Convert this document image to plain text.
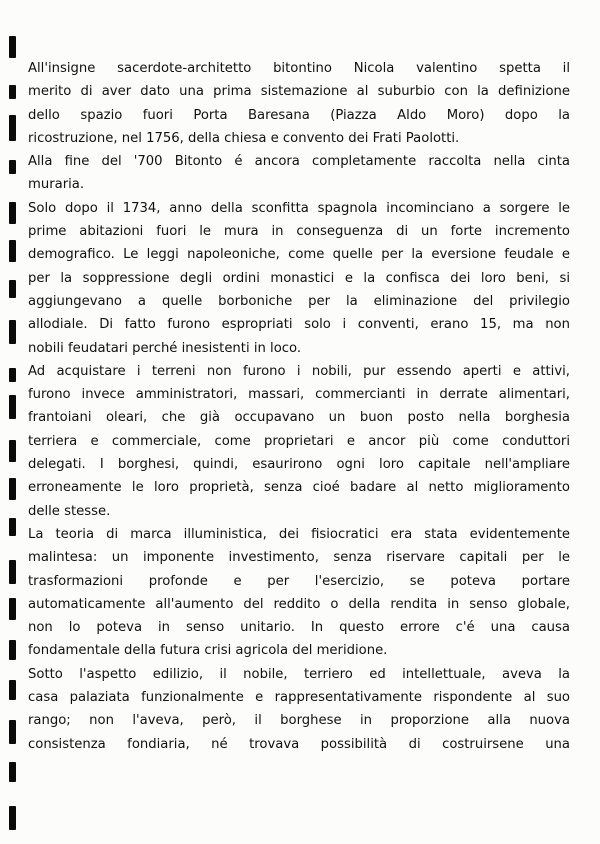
All'insigne sacerdote-architetto bitontino Nicola valentino spetta il
merito di aver dato una prima sistemazione al suburbio con la definizione
dello spazio fuori Porta Baresana (Piazza Aldo Moro) dopo la
ricostruzione, nel 1756, della chiesa e convento dei Frati Paolotti.
Alla fine del '700 Bitonto é ancora completamente raccolta nella cinta
muraria.
Solo dopo il 1734, anno della sconfitta spagnola incominciano a sorgere le
prime abitazioni fuori le mura in conseguenza di un forte incremento
demografico. Le leggi napoleoniche, come quelle per la eversione feudale e
per la soppressione degli ordini monastici e la confisca dei loro beni, si
aggiungevano a quelle borboniche per la eliminazione del privilegio
allodiale. Di fatto furono espropriati solo i conventi, erano 15, ma non
nobili feudatari perché inesistenti in loco.
Ad acquistare i terreni non furono i nobili, pur essendo aperti e attivi,
furono invece amministratori, massari, commercianti in derrate alimentari,
frantoiani oleari, che già occupavano un buon posto nella borghesia
terriera e commerciale, come proprietari e ancor più come conduttori
delegati. I borghesi, quindi, esaurirono ogni loro capitale nell'ampliare
erroneamente le loro proprietà, senza cioé badare al netto miglioramento
delle stesse.
La teoria di marca illuministica, dei fisiocratici era stata evidentemente
malintesa: un imponente investimento, senza riservare capitali per le
trasformazioni profonde e per l'esercizio, se poteva portare
automaticamente all'aumento del reddito o della rendita in senso globale,
non lo poteva in senso unitario. In questo errore c'é una causa
fondamentale della futura crisi agricola del meridione.
Sotto l'aspetto edilizio, il nobile, terriero ed intellettuale, aveva la
casa palaziata funzionalmente e rappresentativamente rispondente al suo
rango; non l'aveva, però, il borghese in proporzione alla nuova
consistenza fondiaria, né trovava possibilità di costruirsene una
